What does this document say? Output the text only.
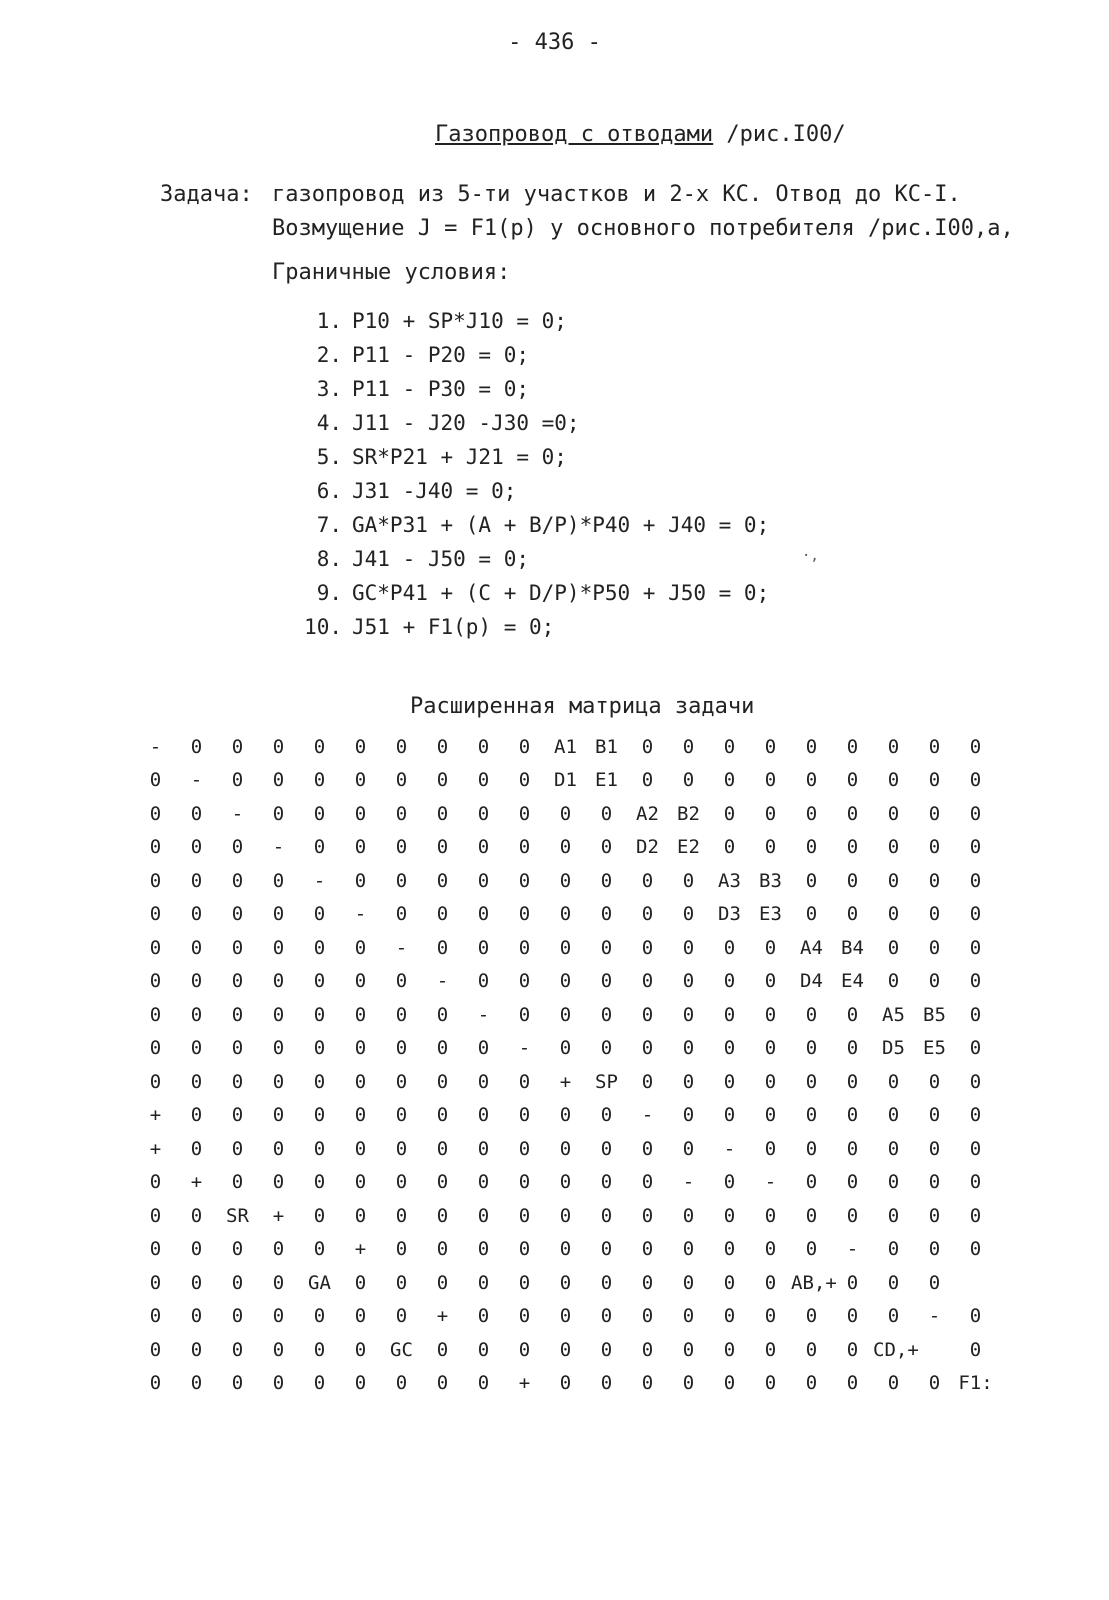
- 436 -
Газопровод с отводами /рис.I00/
Задача: газопровод из 5-ти участков и 2-х КС. Отвод до КС-I.
Возмущение J = F1(p) у основного потребителя /рис.I00,а,
Граничные условия:
1. P10 + SP*J10 = 0;
2. P11 - P20 = 0;
3. P11 - P30 = 0;
4. J11 - J20 -J30 =0;
5. SR*P21 + J21 = 0;
6. J31 -J40 = 0;
7. GA*P31 + (A + B/P)*P40 + J40 = 0;
8. J41 - J50 = 0;
9. GC*P41 + (C + D/P)*P50 + J50 = 0;
10. J51 + F1(p) = 0;
Расширенная матрица задачи
-	0	0	0	0	0	0	0	0	0	A1 B1	0	0	0	0	0	0	0	0	0
0	-	0	0	0	0	0	0	0	0	D1 E1	0	0	0	0	0	0	0	0	0
0	0	-	0	0	0	0	0	0	0	0	0	A2 B2	0	0	0	0	0	0	0
0	0	0	-	0	0	0	0	0	0	0	0	D2 E2	0	0	0	0	0	0	0
0	0	0	0	-	0	0	0	0	0	0	0	0	0	A3 B3	0	0	0	0	0
0	0	0	0	0	-	0	0	0	0	0	0	0	0	D3 E3	0	0	0	0	0
0	0	0	0	0	0	-	0	0	0	0	0	0	0	0	0	A4 B4	0	0	0
0	0	0	0	0	0	0	-	0	0	0	0	0	0	0	0	D4 E4	0	0	0
0	0	0	0	0	0	0	0	-	0	0	0	0	0	0	0	0	0	A5 B5	0
0	0	0	0	0	0	0	0	0	-	0	0	0	0	0	0	0	0	D5 E5	0
0	0	0	0	0	0	0	0	0	0	+	SP	0	0	0	0	0	0	0	0	0
+	0	0	0	0	0	0	0	0	0	0	0	-	0	0	0	0	0	0	0	0
+	0	0	0	0	0	0	0	0	0	0	0	0	0	-	0	0	0	0	0	0
0	+	0	0	0	0	0	0	0	0	0	0	0	-	0	-	0	0	0	0	0
0	0	SR	+	0	0	0	0	0	0	0	0	0	0	0	0	0	0	0	0	0
0	0	0	0	0	+	0	0	0	0	0	0	0	0	0	0	0	-	0	0	0
0	0	0	0	GA	0	0	0	0	0	0	0	0	0	0	0 AB,+ 0	0	0
0	0	0	0	0	0	0	+	0	0	0	0	0	0	0	0	0	0	0	-	0
0	0	0	0	0	0	GC	0	0	0	0	0	0	0	0	0	0	0 CD,+	0
0	0	0	0	0	0	0	0	0	+	0	0	0	0	0	0	0	0	0	0 F1:
·,
